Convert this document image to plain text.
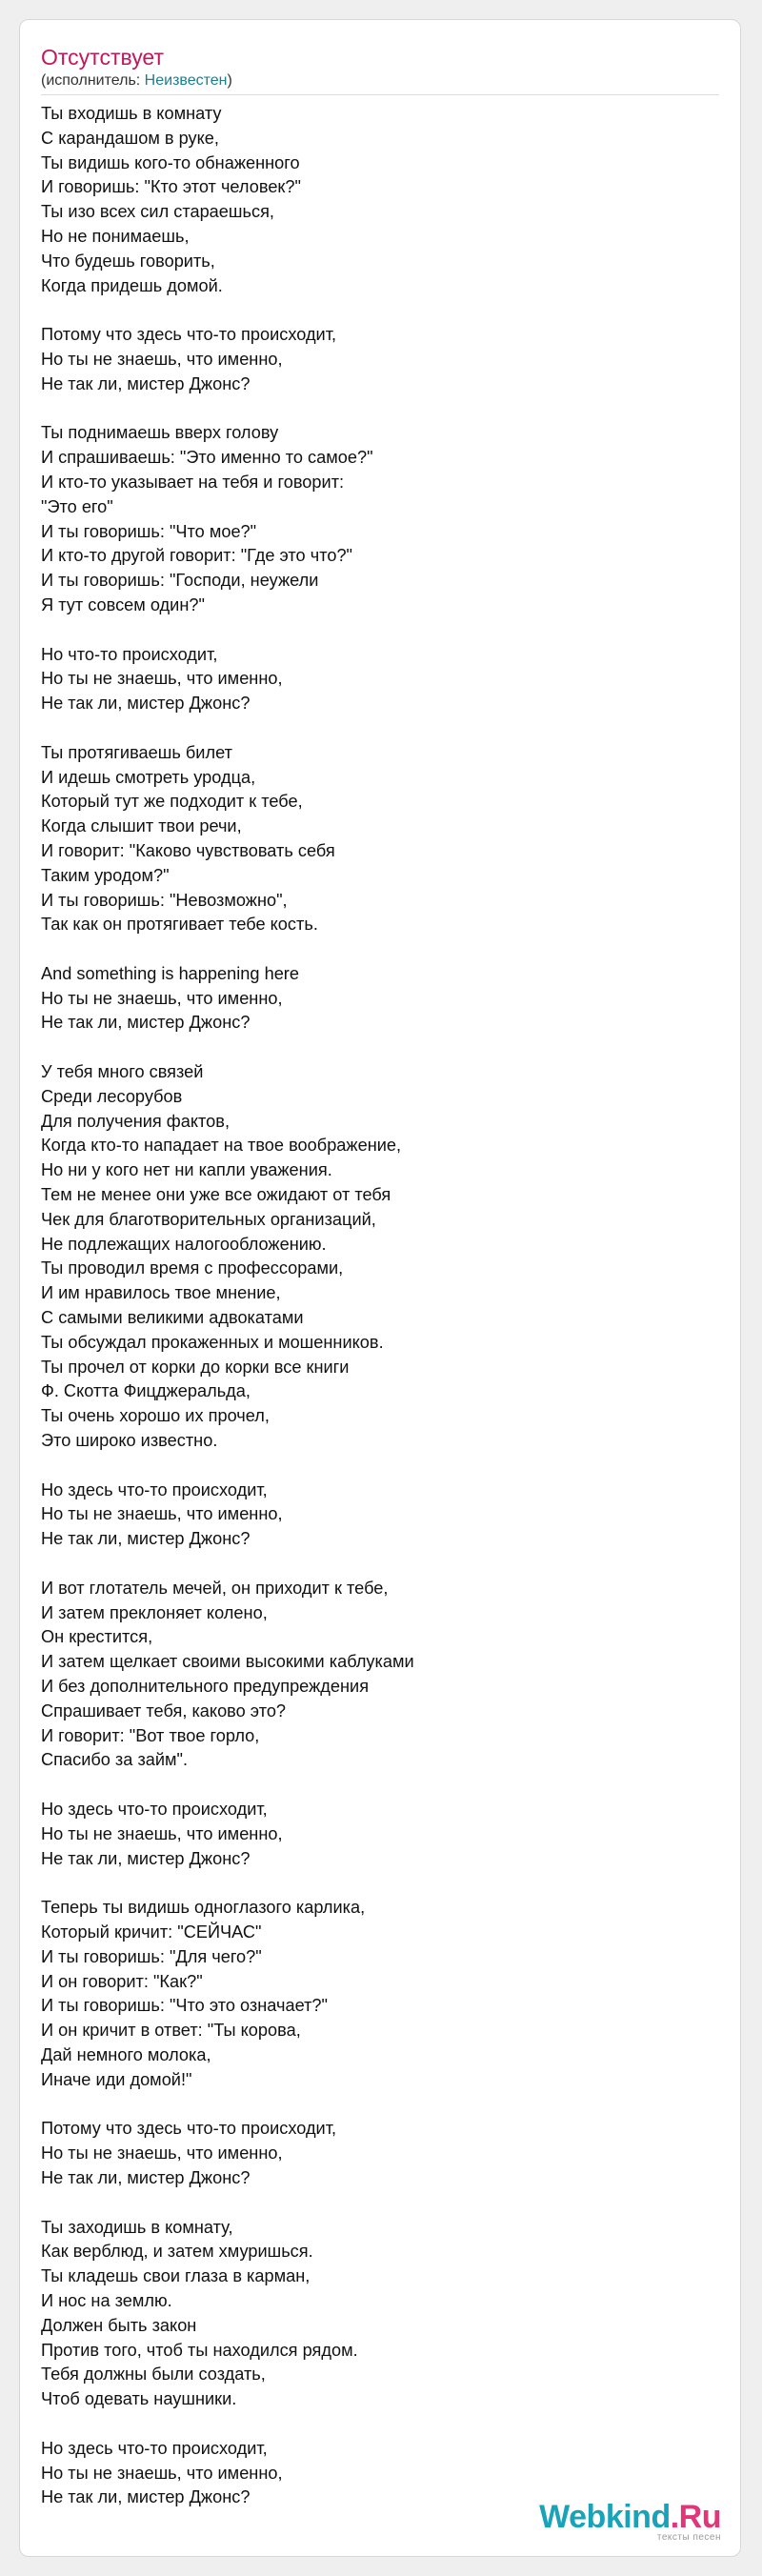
Отсутствует
(исполнитель: Неизвестен)
Ты входишь в комнату
С карандашом в руке,
Ты видишь кого-то обнаженного
И говоришь: "Кто этот человек?"
Ты изо всех сил стараешься,
Но не понимаешь,
Что будешь говорить,
Когда придешь домой.
Потому что здесь что-то происходит,
Но ты не знаешь, что именно,
Не так ли, мистер Джонс?
Ты поднимаешь вверх голову
И спрашиваешь: "Это именно то самое?"
И кто-то указывает на тебя и говорит:
"Это его"
И ты говоришь: "Что мое?"
И кто-то другой говорит: "Где это что?"
И ты говоришь: "Господи, неужели
Я тут совсем один?"
Но что-то происходит,
Но ты не знаешь, что именно,
Не так ли, мистер Джонс?
Ты протягиваешь билет
И идешь смотреть уродца,
Который тут же подходит к тебе,
Когда слышит твои речи,
И говорит: "Каково чувствовать себя
Таким уродом?"
И ты говоришь: "Невозможно",
Так как он протягивает тебе кость.
And something is happening here
Но ты не знаешь, что именно,
Не так ли, мистер Джонс?
У тебя много связей
Среди лесорубов
Для получения фактов,
Когда кто-то нападает на твое воображение,
Но ни у кого нет ни капли уважения.
Тем не менее они уже все ожидают от тебя
Чек для благотворительных организаций,
Не подлежащих налогообложению.
Ты проводил время с профессорами,
И им нравилось твое мнение,
С самыми великими адвокатами
Ты обсуждал прокаженных и мошенников.
Ты прочел от корки до корки все книги
Ф. Скотта Фицджеральда,
Ты очень хорошо их прочел,
Это широко известно.
Но здесь что-то происходит,
Но ты не знаешь, что именно,
Не так ли, мистер Джонс?
И вот глотатель мечей, он приходит к тебе,
И затем преклоняет колено,
Он крестится,
И затем щелкает своими высокими каблуками
И без дополнительного предупреждения
Спрашивает тебя, каково это?
И говорит: "Вот твое горло,
Спасибо за займ".
Но здесь что-то происходит,
Но ты не знаешь, что именно,
Не так ли, мистер Джонс?
Теперь ты видишь одноглазого карлика,
Который кричит: "СЕЙЧАС"
И ты говоришь: "Для чего?"
И он говорит: "Как?"
И ты говоришь: "Что это означает?"
И он кричит в ответ: "Ты корова,
Дай немного молока,
Иначе иди домой!"
Потому что здесь что-то происходит,
Но ты не знаешь, что именно,
Не так ли, мистер Джонс?
Ты заходишь в комнату,
Как верблюд, и затем хмуришься.
Ты кладешь свои глаза в карман,
И нос на землю.
Должен быть закон
Против того, чтоб ты находился рядом.
Тебя должны были создать,
Чтоб одевать наушники.
Но здесь что-то происходит,
Но ты не знаешь, что именно,
Не так ли, мистер Джонс?
Webkind.Ru
тексты песен
